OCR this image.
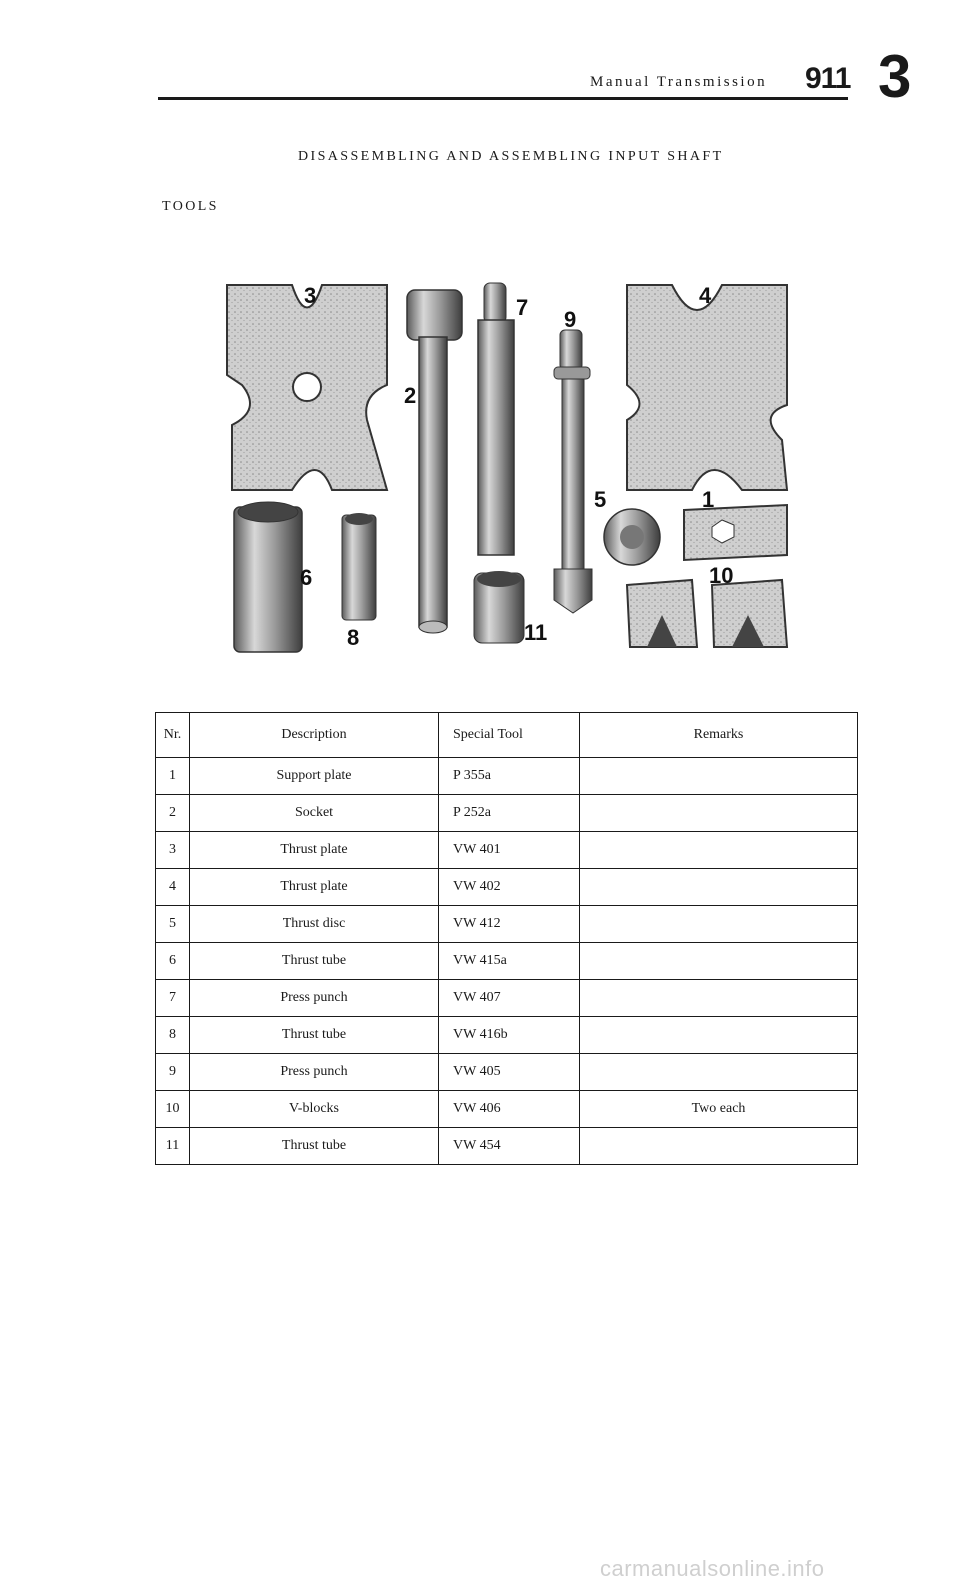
Manual Transmission 911 3
DISASSEMBLING AND ASSEMBLING INPUT SHAFT
TOOLS
1
2
3	4
5
6
7
8
9
10
11
Nr.	Description	Special Tool	Remarks
1	Support plate	P 355a	
2	Socket	P 252a	
3	Thrust plate	VW 401	
4	Thrust plate	VW 402	
5	Thrust disc	VW 412	
6	Thrust tube	VW 415a	
7	Press punch	VW 407	
8	Thrust tube	VW 416b	
9	Press punch	VW 405	
10	V-blocks	VW 406	Two each
11	Thrust tube	VW 454	
carmanualsonline.info
